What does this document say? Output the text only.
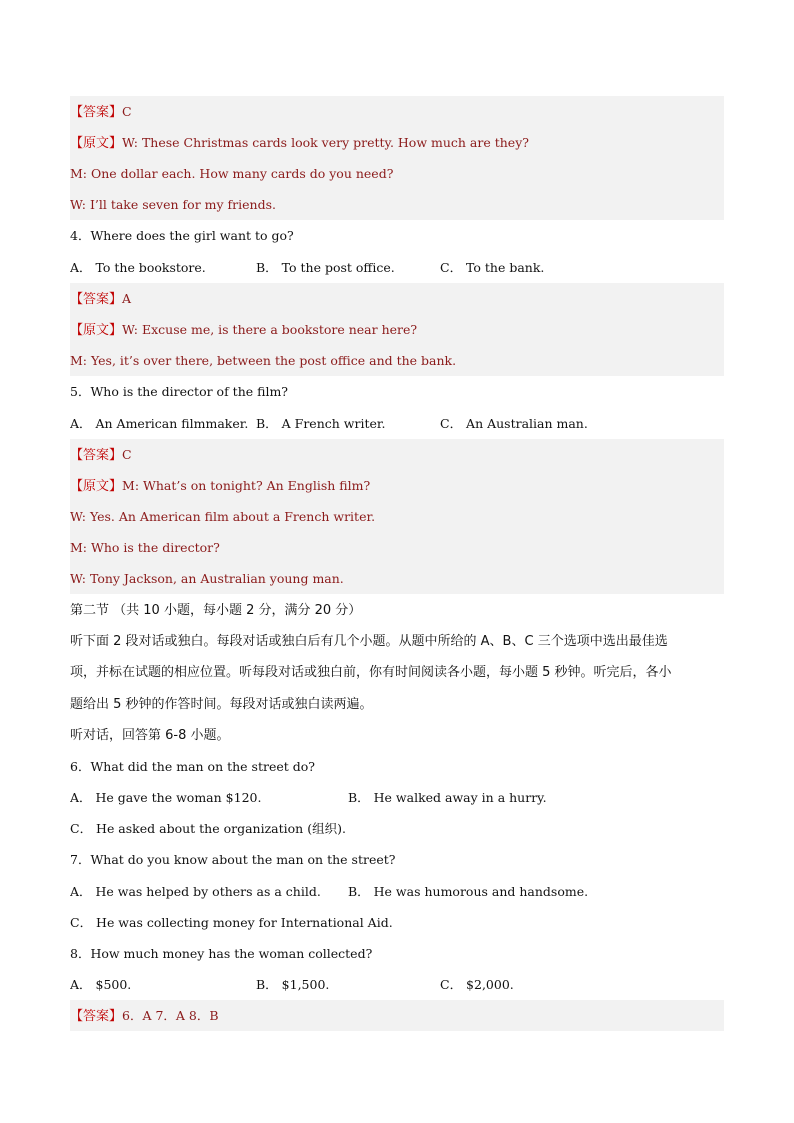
【答案】C
【原文】W: These Christmas cards look very pretty. How much are they?
M: One dollar each. How many cards do you need?
W: I’ll take seven for my friends.
4．Where does the girl want to go?
A． To the bookstore.	B． To the post office.	C． To the bank.
【答案】A
【原文】W: Excuse me, is there a bookstore near here?
M: Yes, it’s over there, between the post office and the bank.
5．Who is the director of the film?
A． An American filmmaker. B． A French writer.	C． An Australian man.
【答案】C
【原文】M: What’s on tonight? An English film?
W: Yes. An American film about a French writer.
M: Who is the director?
W: Tony Jackson, an Australian young man.
第二节 （共 10 小题，每小题 2 分，满分 20 分）
听下面 2 段对话或独白。每段对话或独白后有几个小题。从题中所给的 A、B、C 三个选项中选出最佳选
项，并标在试题的相应位置。听每段对话或独白前，你有时间阅读各小题，每小题 5 秒钟。听完后，各小
题给出 5 秒钟的作答时间。每段对话或独白读两遍。
听对话，回答第 6-8 小题。
6．What did the man on the street do?
A． He gave the woman $120.	B． He walked away in a hurry.
C． He asked about the organization (组织).
7．What do you know about the man on the street?
A． He was helped by others as a child. B． He was humorous and handsome.
C． He was collecting money for International Aid.
8．How much money has the woman collected?
A． $500.	B． $1,500.	C． $2,000.
【答案】6．A 7．A 8．B
